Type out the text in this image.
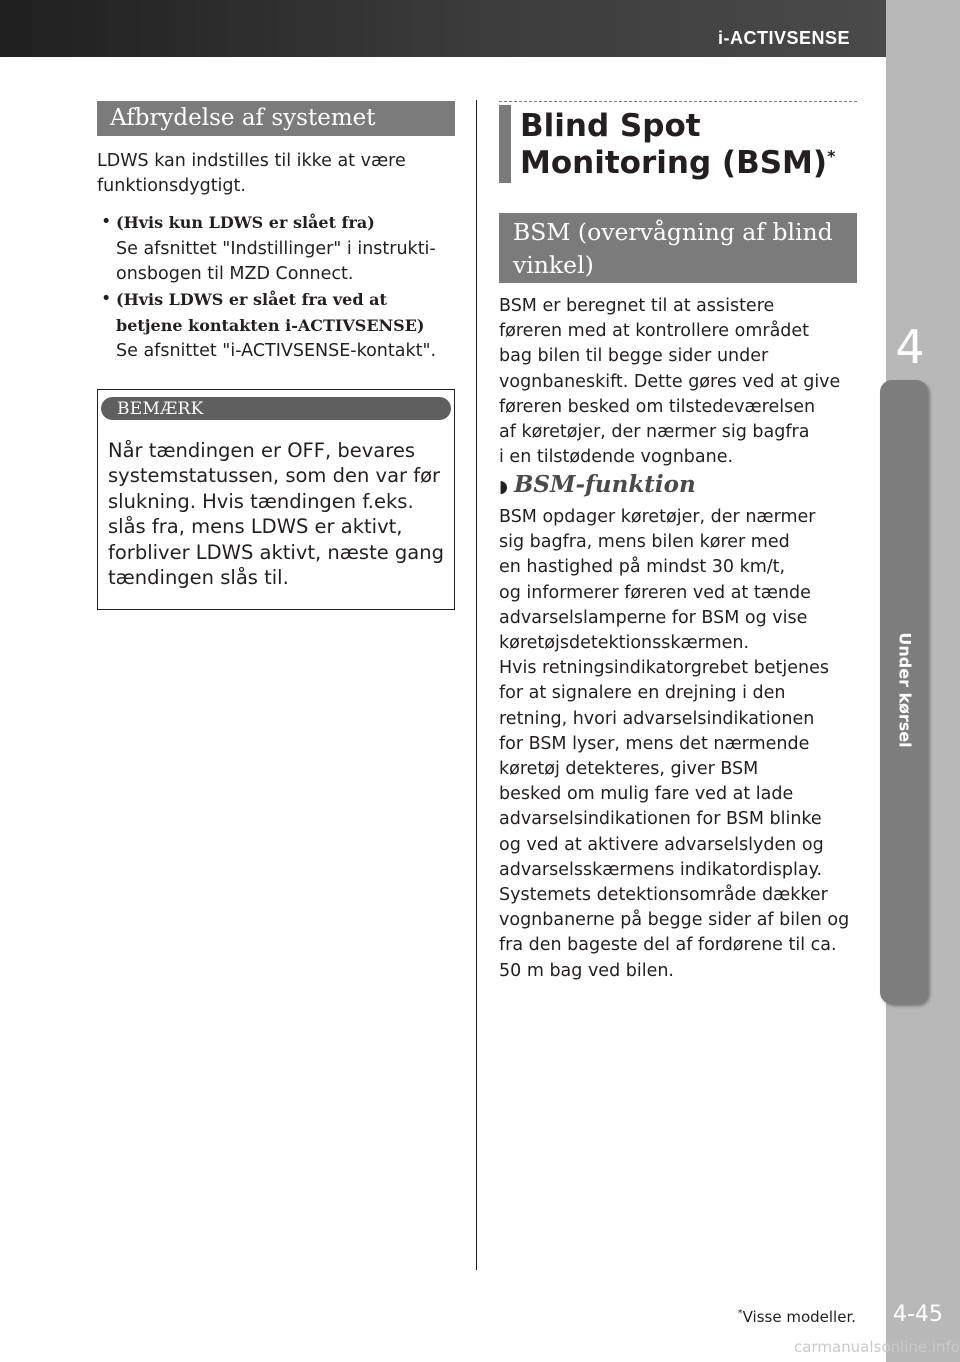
i-ACTIVSENSE
4
Under kørsel
4-45
Afbrydelse af systemet

LDWS kan indstilles til ikke at være funktionsdygtigt.

• (Hvis kun LDWS er slået fra)
Se afsnittet "Indstillinger" i instrukti-onsbogen til MZD Connect.
• (Hvis LDWS er slået fra ved at betjene kontakten i-ACTIVSENSE)
Se afsnittet "i-ACTIVSENSE-kontakt".
BEMÆRK
Når tændingen er OFF, bevares systemstatussen, som den var før slukning. Hvis tændingen f.eks. slås fra, mens LDWS er aktivt, forbliver LDWS aktivt, næste gang tændingen slås til.
Blind Spot Monitoring (BSM)*
BSM (overvågning af blind vinkel)

BSM er beregnet til at assistere
føreren med at kontrollere området
bag bilen til begge sider under
vognbaneskift. Dette gøres ved at give
føreren besked om tilstedeværelsen
af køretøjer, der nærmer sig bagfra
i en tilstødende vognbane.

◗ BSM-funktion

BSM opdager køretøjer, der nærmer
sig bagfra, mens bilen kører med
en hastighed på mindst 30 km/t,
og informerer føreren ved at tænde
advarselslamperne for BSM og vise
køretøjsdetektionsskærmen.
Hvis retningsindikatorgrebet betjenes
for at signalere en drejning i den
retning, hvori advarselsindikationen
for BSM lyser, mens det nærmende
køretøj detekteres, giver BSM
besked om mulig fare ved at lade
advarselsindikationen for BSM blinke
og ved at aktivere advarselslyden og
advarselsskærmens indikatordisplay.
Systemets detektionsområde dækker
vognbanerne på begge sider af bilen og
fra den bageste del af fordørene til ca.
50 m bag ved bilen.

*Visse modeller.
carmanualsonline.info
